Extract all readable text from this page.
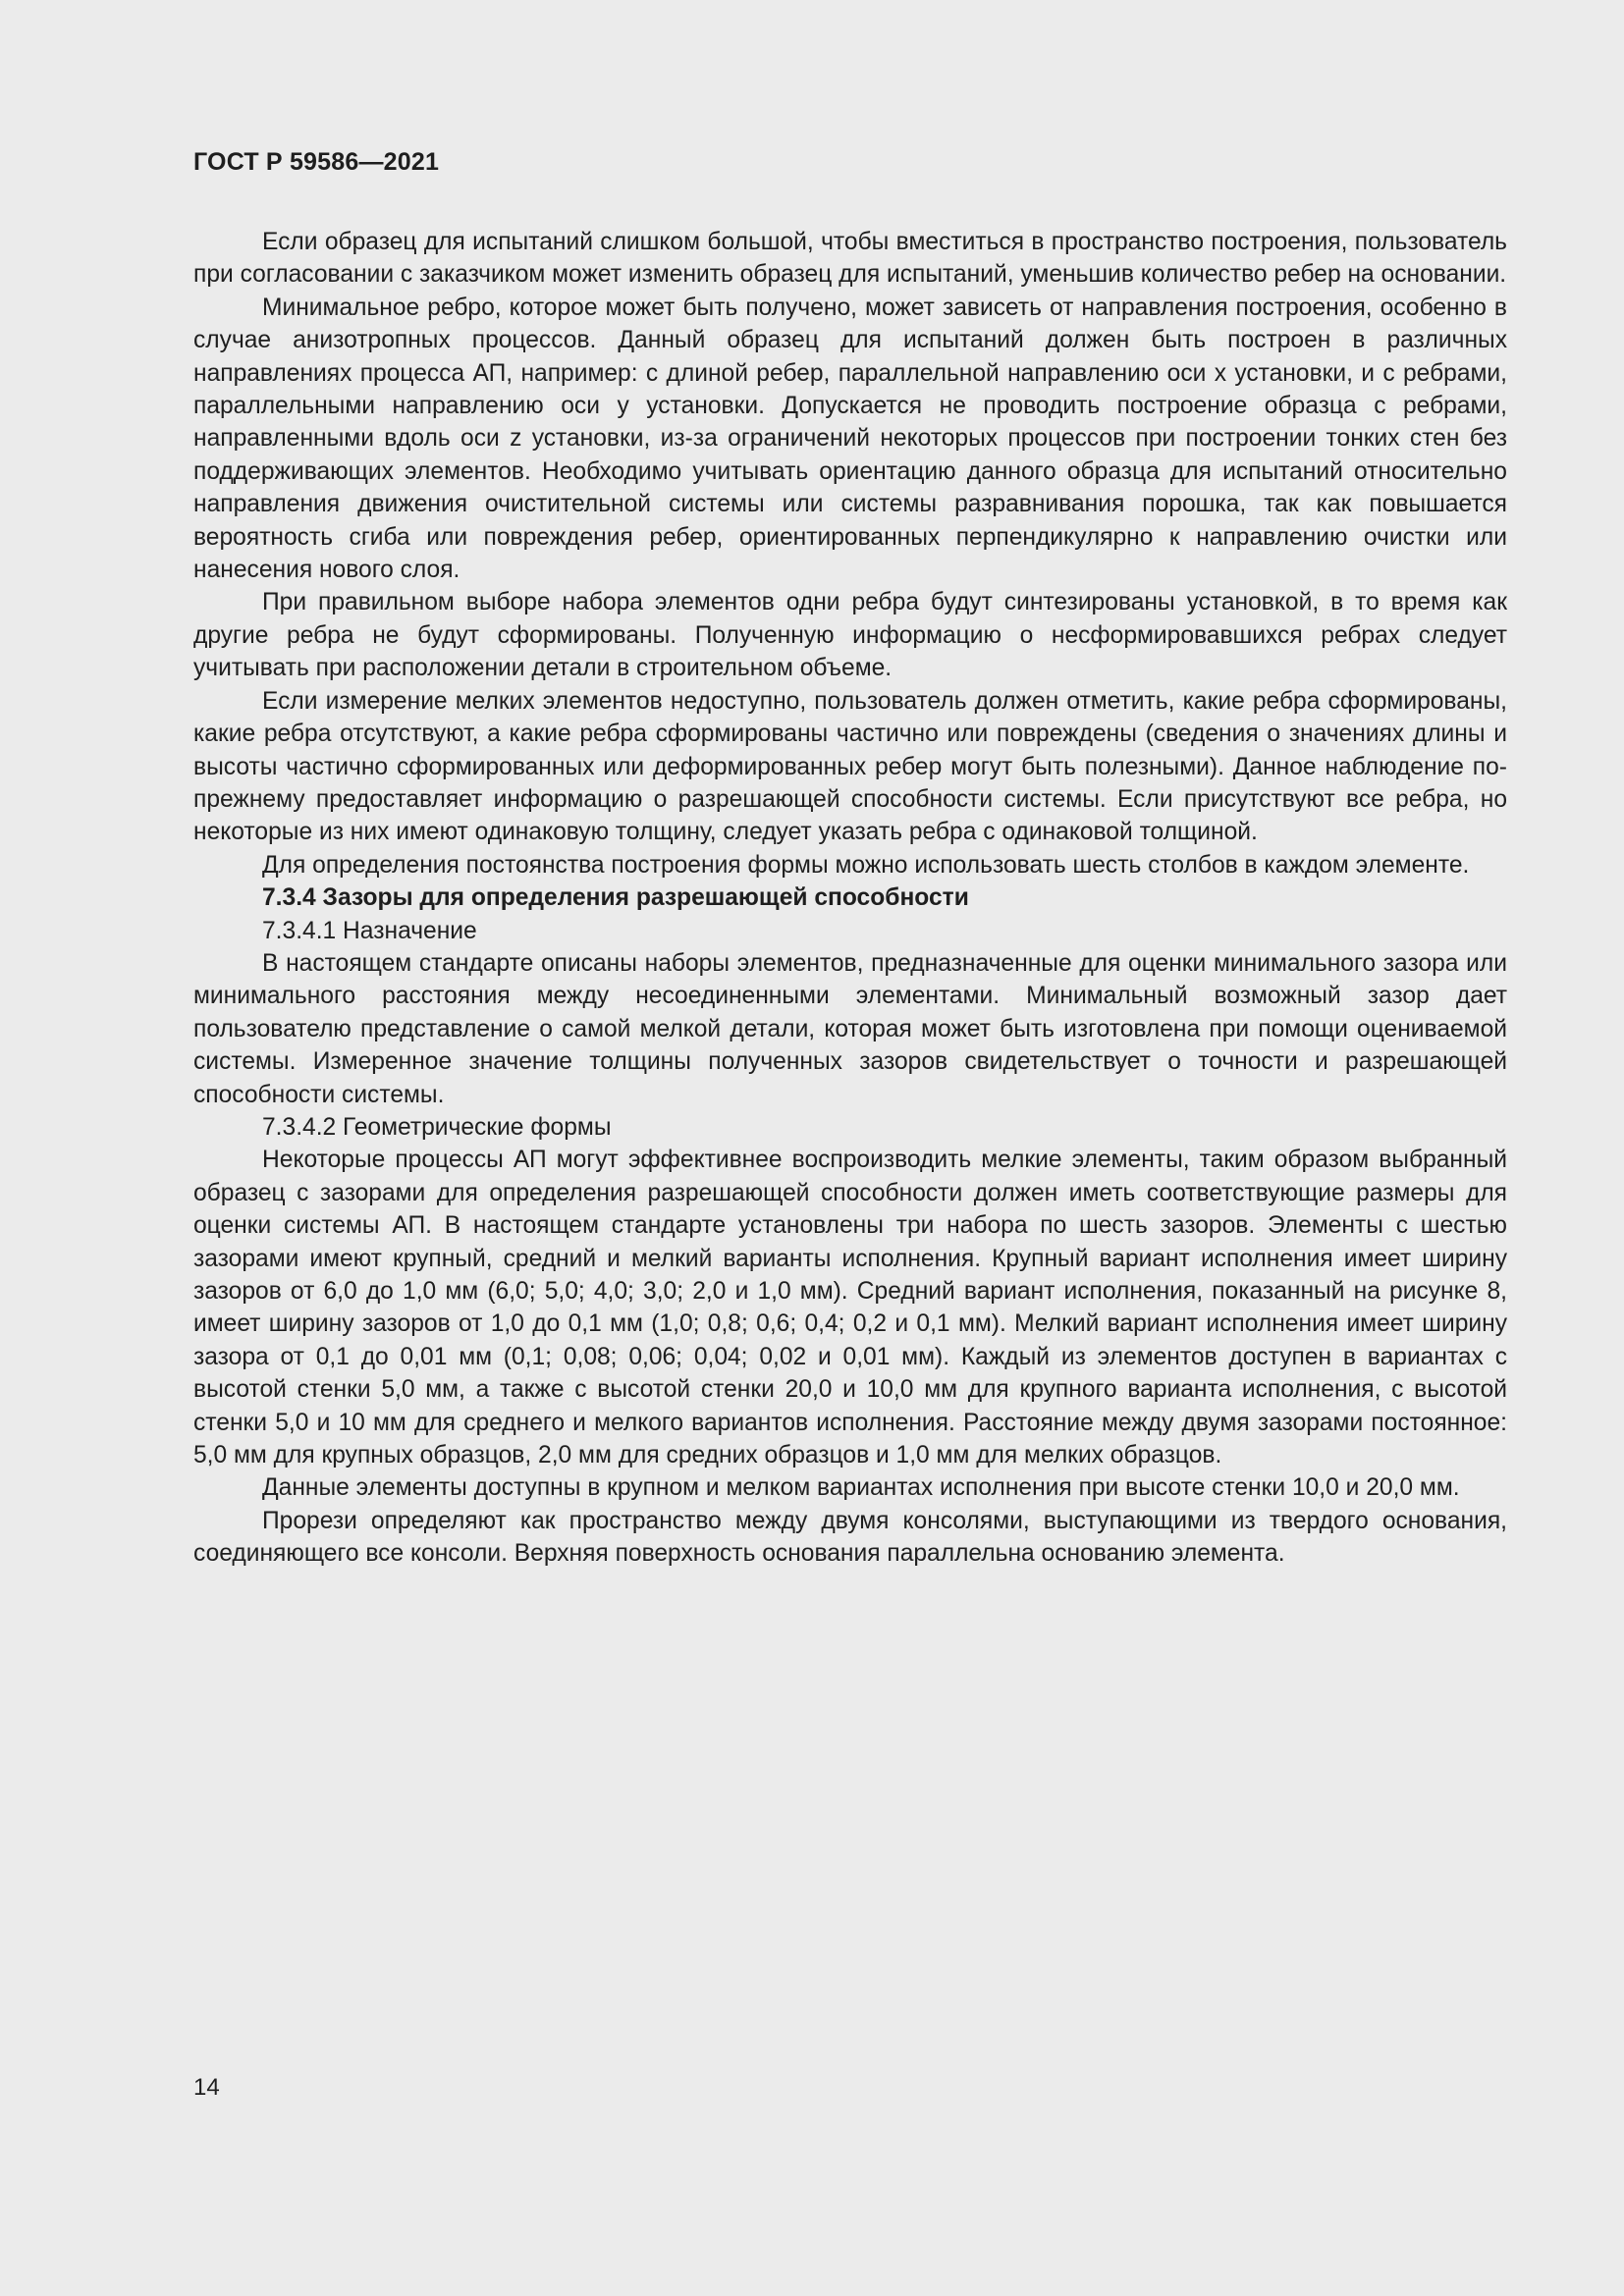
ГОСТ Р 59586—2021

Если образец для испытаний слишком большой, чтобы вместиться в пространство построения, пользователь при согласовании с заказчиком может изменить образец для испытаний, уменьшив количество ребер на основании.

Минимальное ребро, которое может быть получено, может зависеть от направления построения, особенно в случае анизотропных процессов. Данный образец для испытаний должен быть построен в различных направлениях процесса АП, например: с длиной ребер, параллельной направлению оси x установки, и с ребрами, параллельными направлению оси y установки. Допускается не проводить построение образца с ребрами, направленными вдоль оси z установки, из-за ограничений некоторых процессов при построении тонких стен без поддерживающих элементов. Необходимо учитывать ориентацию данного образца для испытаний относительно направления движения очистительной системы или системы разравнивания порошка, так как повышается вероятность сгиба или повреждения ребер, ориентированных перпендикулярно к направлению очистки или нанесения нового слоя.

При правильном выборе набора элементов одни ребра будут синтезированы установкой, в то время как другие ребра не будут сформированы. Полученную информацию о несформировавшихся ребрах следует учитывать при расположении детали в строительном объеме.

Если измерение мелких элементов недоступно, пользователь должен отметить, какие ребра сформированы, какие ребра отсутствуют, а какие ребра сформированы частично или повреждены (сведения о значениях длины и высоты частично сформированных или деформированных ребер могут быть полезными). Данное наблюдение по-прежнему предоставляет информацию о разрешающей способности системы. Если присутствуют все ребра, но некоторые из них имеют одинаковую толщину, следует указать ребра с одинаковой толщиной.

Для определения постоянства построения формы можно использовать шесть столбов в каждом элементе.

7.3.4 Зазоры для определения разрешающей способности

7.3.4.1 Назначение

В настоящем стандарте описаны наборы элементов, предназначенные для оценки минимального зазора или минимального расстояния между несоединенными элементами. Минимальный возможный зазор дает пользователю представление о самой мелкой детали, которая может быть изготовлена при помощи оцениваемой системы. Измеренное значение толщины полученных зазоров свидетельствует о точности и разрешающей способности системы.

7.3.4.2 Геометрические формы

Некоторые процессы АП могут эффективнее воспроизводить мелкие элементы, таким образом выбранный образец с зазорами для определения разрешающей способности должен иметь соответствующие размеры для оценки системы АП. В настоящем стандарте установлены три набора по шесть зазоров. Элементы с шестью зазорами имеют крупный, средний и мелкий варианты исполнения. Крупный вариант исполнения имеет ширину зазоров от 6,0 до 1,0 мм (6,0; 5,0; 4,0; 3,0; 2,0 и 1,0 мм). Средний вариант исполнения, показанный на рисунке 8, имеет ширину зазоров от 1,0 до 0,1 мм (1,0; 0,8; 0,6; 0,4; 0,2 и 0,1 мм). Мелкий вариант исполнения имеет ширину зазора от 0,1 до 0,01 мм (0,1; 0,08; 0,06; 0,04; 0,02 и 0,01 мм). Каждый из элементов доступен в вариантах с высотой стенки 5,0 мм, а также с высотой стенки 20,0 и 10,0 мм для крупного варианта исполнения, с высотой стенки 5,0 и 10 мм для среднего и мелкого вариантов исполнения. Расстояние между двумя зазорами постоянное: 5,0 мм для крупных образцов, 2,0 мм для средних образцов и 1,0 мм для мелких образцов.

Данные элементы доступны в крупном и мелком вариантах исполнения при высоте стенки 10,0 и 20,0 мм.

Прорези определяют как пространство между двумя консолями, выступающими из твердого основания, соединяющего все консоли. Верхняя поверхность основания параллельна основанию элемента.

14
